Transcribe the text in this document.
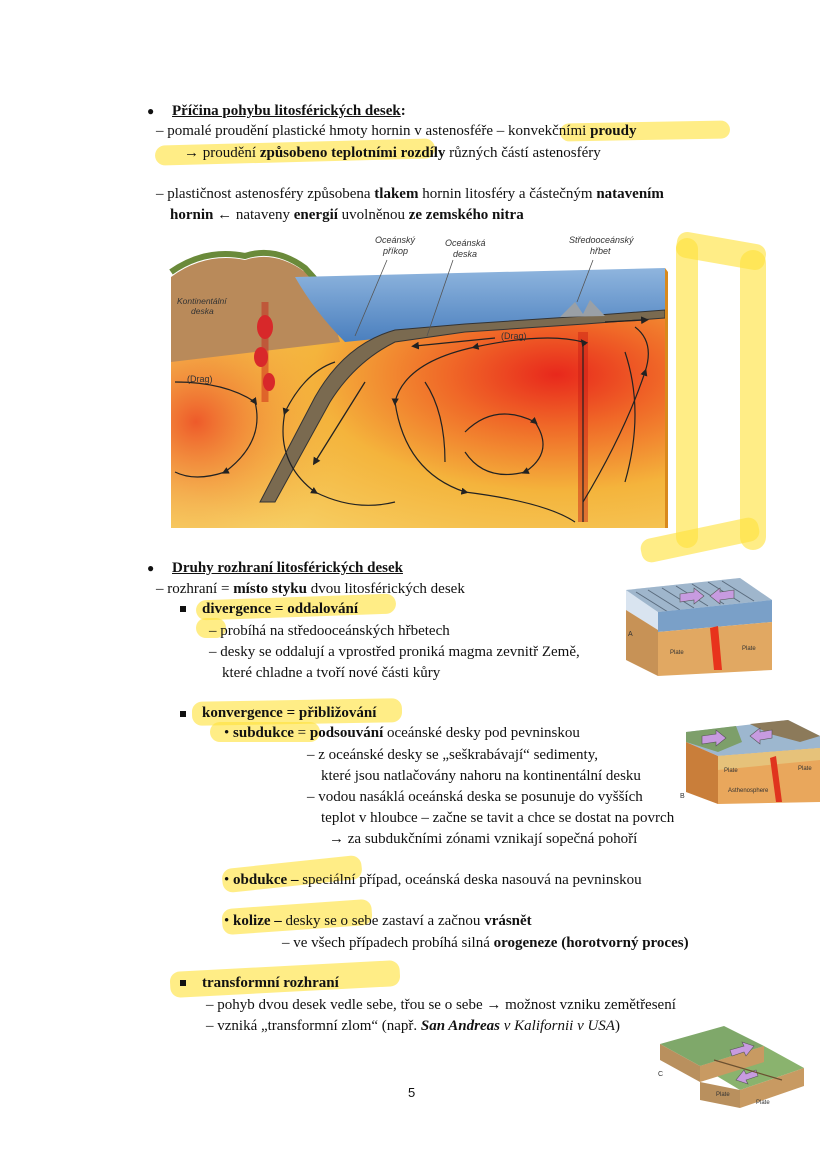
● Příčina pohybu litosférických desek:
– pomalé proudění plastické hmoty hornin v astenosféře – konvekčními proudy
→ proudění způsobeno teplotními rozdíly různých částí astenosféry
– plastičnost astenosféry způsobena tlakem hornin litosféry a částečným natavením
hornin ← nataveny energií uvolněnou ze zemského nitra
Oceánský
příkop
Oceánská
deska
Středooceánský
hřbet
Kontinentální
deska
(Drag)
(Drag)
● Druhy rozhraní litosférických desek
– rozhraní = místo styku dvou litosférických desek
divergence = oddalování
– probíhá na středooceánských hřbetech
– desky se oddalují a vprostřed proniká magma zevnitř Země,
které chladne a tvoří nové části kůry
A
Plate
Plate
konvergence = přibližování
• subdukce = podsouvání oceánské desky pod pevninskou
– z oceánské desky se „seškrabávají“ sedimenty,
které jsou natlačovány nahoru na kontinentální desku
– vodou nasáklá oceánská deska se posunuje do vyšších
teplot v hloubce – začne se tavit a chce se dostat na povrch
→ za subdukčními zónami vznikají sopečná pohoří
Plate	Plate
Asthenosphere
B
• obdukce – speciální případ, oceánská deska nasouvá na pevninskou
• kolize – desky se o sebe zastaví a začnou vrásnět
– ve všech případech probíhá silná orogeneze (horotvorný proces)
transformní rozhraní
– pohyb dvou desek vedle sebe, třou se o sebe → možnost vzniku zemětřesení
– vzniká „transformní zlom“ (např. San Andreas v Kalifornii v USA)
C
Plate
Plate
5
